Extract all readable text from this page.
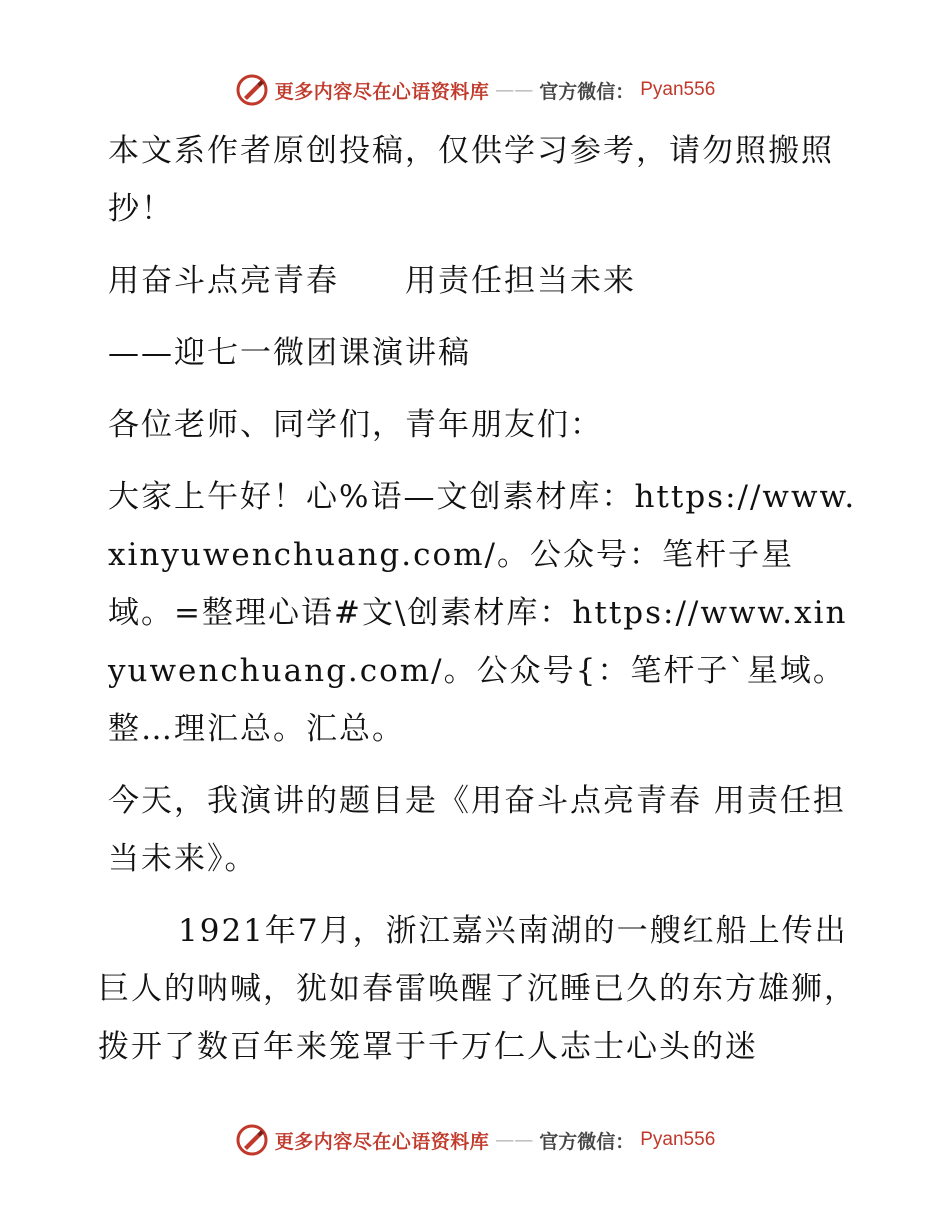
更多内容尽在心语资料库 —— 官方微信： Pyan556

本文系作者原创投稿，仅供学习参考，请勿照搬照抄！

用奋斗点亮青春　　用责任担当未来

——迎七一微团课演讲稿

各位老师、同学们，青年朋友们：

大家上午好！心%语—文创素材库：https://www.xinyuwenchuang.com/。公众号：笔杆子星域。=整理心语#文\创素材库：https://www.xinyuwenchuang.com/。公众号{：笔杆子`星域。整…理汇总。汇总。

今天，我演讲的题目是《用奋斗点亮青春 用责任担当未来》。

1921年7月，浙江嘉兴南湖的一艘红船上传出巨人的呐喊，犹如春雷唤醒了沉睡已久的东方雄狮，拨开了数百年来笼罩于千万仁人志士心头的迷

更多内容尽在心语资料库 —— 官方微信： Pyan556
